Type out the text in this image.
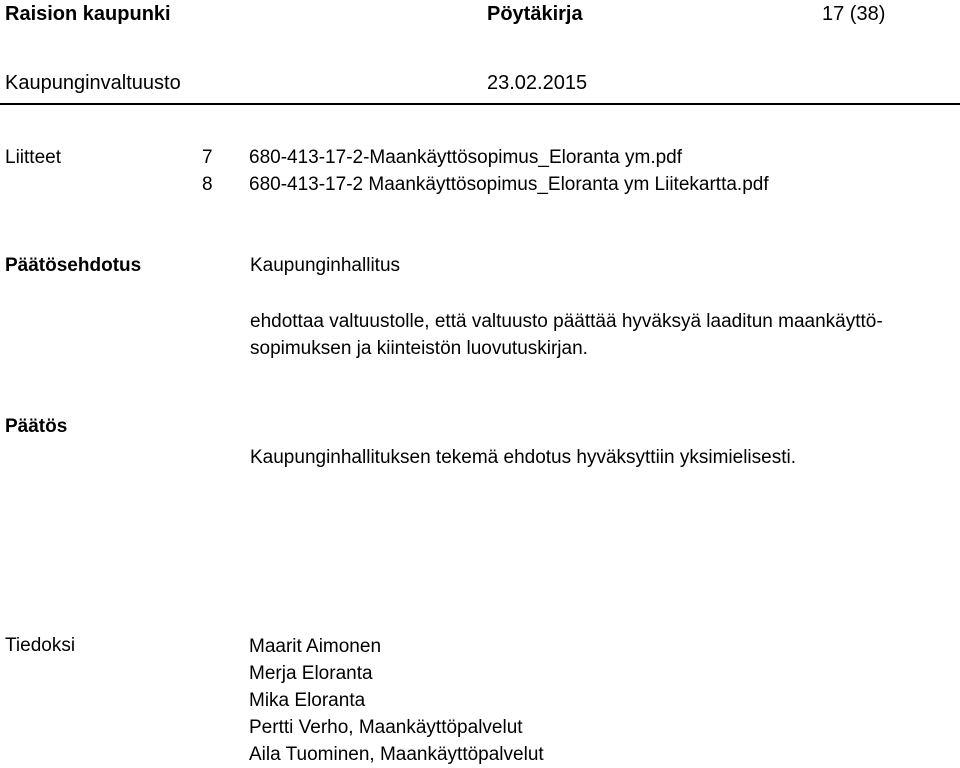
Raision kaupunki	Pöytäkirja	17 (38)
Kaupunginvaltuusto	23.02.2015
Liitteet	7 680-413-17-2-Maankäyttösopimus_Eloranta ym.pdf
8 680-413-17-2 Maankäyttösopimus_Eloranta ym Liitekartta.pdf
Päätösehdotus	Kaupunginhallitus
ehdottaa valtuustolle, että valtuusto päättää hyväksyä laaditun maankäyttö-
sopimuksen ja kiinteistön luovutuskirjan.
Päätös
Kaupunginhallituksen tekemä ehdotus hyväksyttiin yksimielisesti.
Tiedoksi	Maarit Aimonen
Merja Eloranta
Mika Eloranta
Pertti Verho, Maankäyttöpalvelut
Aila Tuominen, Maankäyttöpalvelut
